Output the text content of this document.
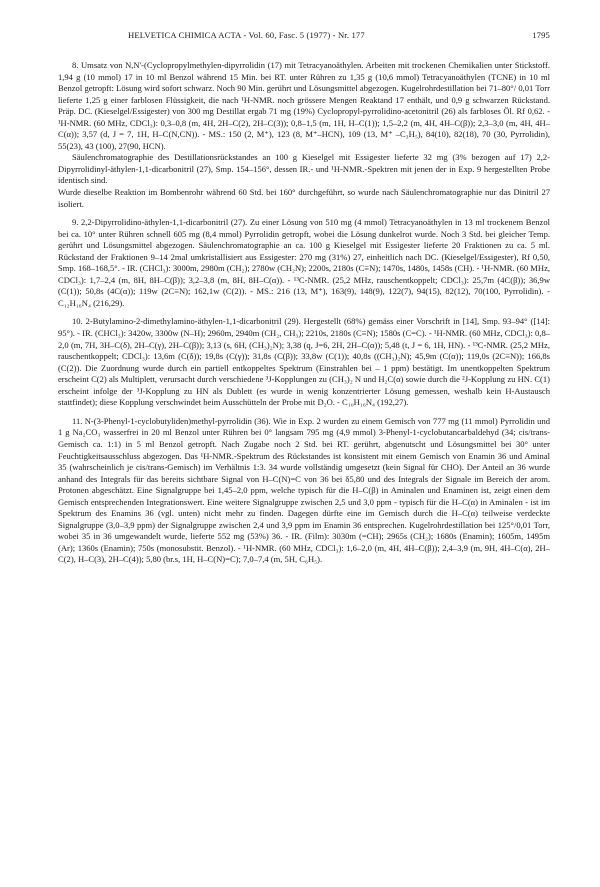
HELVETICA CHIMICA ACTA - Vol. 60, Fasc. 5 (1977) - Nr. 177	1795

8. Umsatz von N,N'-(Cyclopropylmethylen-dipyrrolidin (17) mit Tetracyanoäthylen. Arbeiten mit trockenen Chemikalien unter Stickstoff. 1,94 g (10 mmol) 17 in 10 ml Benzol während 15 Min. bei RT. unter Rühren zu 1,35 g (10,6 mmol) Tetracyanoäthylen (TCNE) in 10 ml Benzol getropft: Lösung wird sofort schwarz. Noch 90 Min. gerührt und Lösungsmittel abgezogen. Kugelrohrdestillation bei 71–80°/ 0,01 Torr lieferte 1,25 g einer farblosen Flüssigkeit, die nach ¹H-NMR. noch grössere Mengen Reaktand 17 enthält, und 0,9 g schwarzen Rückstand. Präp. DC. (Kieselgel/Essigester) von 300 mg Destillat ergab 71 mg (19%) Cyclopropyl-pyrrolidino-acetonitril (26) als farbloses Öl. Rf 0,62. - ¹H-NMR. (60 MHz, CDCl₃): 0,3–0,8 (m, 4H, 2H–C(2), 2H–C(3)); 0,8–1,5 (m, 1H, H–C(1)); 1,5–2,2 (m, 4H, 4H–C(β)); 2,3–3,0 (m, 4H, 4H–C(α)); 3,57 (d, J = 7, 1H, H–C(N,CN)). - MS.: 150 (2, M⁺), 123 (8, M⁺–HCN), 109 (13, M⁺ –C₃H₅), 84(10), 82(18), 70 (30, Pyrrolidin), 55(23), 43 (100), 27(90, HCN).

Säulenchromatographie des Destillationsrückstandes an 100 g Kieselgel mit Essigester lieferte 32 mg (3% bezogen auf 17) 2,2-Dipyrrolidinyl-äthylen-1,1-dicarbonitril (27), Smp. 154–156°, dessen IR.- und ¹H-NMR.-Spektren mit jenen der in Exp. 9 hergestellten Probe identisch sind.

Wurde dieselbe Reaktion im Bombenrohr während 60 Std. bei 160° durchgeführt, so wurde nach Säulenchromatographie nur das Dinitril 27 isoliert.

9. 2,2-Dipyrrolidino-äthylen-1,1-dicarbonitril (27). Zu einer Lösung von 510 mg (4 mmol) Tetracyanoäthylen in 13 ml trockenem Benzol bei ca. 10° unter Rühren schnell 605 mg (8,4 mmol) Pyrrolidin getropft, wobei die Lösung dunkelrot wurde. Noch 3 Std. bei gleicher Temp. gerührt und Lösungsmittel abgezogen. Säulenchromatographie an ca. 100 g Kieselgel mit Essigester lieferte 20 Fraktionen zu ca. 5 ml. Rückstand der Fraktionen 9–14 2mal umkristallisiert aus Essigester: 270 mg (31%) 27, einheitlich nach DC. (Kieselgel/Essigester), Rf 0,50, Smp. 168–168,5°. - IR. (CHCl₃): 3000m, 2980m (CH₂); 2780w (CH₂N); 2200s, 2180s (C≡N); 1470s, 1480s, 1458s (CH). - ¹H-NMR. (60 MHz, CDCl₃): 1,7–2,4 (m, 8H, 8H–C(β)); 3,2–3,8 (m, 8H, 8H–C(α)). - ¹³C-NMR. (25,2 MHz, rauschentkoppelt; CDCl₃): 25,7m (4C(β)); 36,9w (C(1)); 50,8s (4C(α)); 119w (2C≡N); 162,1w (C(2)). - MS.: 216 (13, M⁺), 163(9), 148(9), 122(7), 94(15), 82(12), 70(100, Pyrrolidin). - C₁₂H₁₆N₄ (216,29).

10. 2-Butylamino-2-dimethylamino-äthylen-1,1-dicarbonitril (29). Hergestellt (68%) gemäss einer Vorschrift in [14], Smp. 93–94° ([14]: 95°). - IR. (CHCl₃): 3420w, 3300w (N–H); 2960m, 2940m (CH₂, CH₃); 2210s, 2180s (C≡N); 1580s (C=C). - ¹H-NMR. (60 MHz, CDCl₃): 0,8–2,0 (m, 7H, 3H–C(δ), 2H–C(γ), 2H–C(β)); 3,13 (s, 6H, (CH₃)₂N); 3,38 (q, J=6, 2H, 2H–C(α)); 5,48 (t, J = 6, 1H, HN). - ¹³C-NMR. (25,2 MHz, rauschentkoppelt; CDCl₃): 13,6m (C(δ)); 19,8s (C(γ)); 31,8s (C(β)); 33,8w (C(1)); 40,8s ((CH₃)₂N); 45,9m (C(α)); 119,0s (2C≡N)); 166,8s (C(2)). Die Zuordnung wurde durch ein partiell entkoppeltes Spektrum (Einstrahlen bei – 1 ppm) bestätigt. Im unentkoppelten Spektrum erscheint C(2) als Multiplett, verursacht durch verschiedene ³J-Kopplungen zu (CH₃)₂ N und H₂C(α) sowie durch die ²J-Kopplung zu HN. C(1) erscheint infolge der ³J-Kopplung zu HN als Dublett (es wurde in wenig konzentrierter Lösung gemessen, weshalb kein H-Austausch stattfindet); diese Kopplung verschwindet beim Ausschütteln der Probe mit D₂O. - C₁₀H₁₆N₄ (192,27).

11. N-(3-Phenyl-1-cyclobutyliden)methyl-pyrrolidin (36). Wie in Exp. 2 wurden zu einem Gemisch von 777 mg (11 mmol) Pyrrolidin und 1 g Na₂CO₃ wasserfrei in 20 ml Benzol unter Rühren bei 0° langsam 795 mg (4,9 mmol) 3-Phenyl-1-cyclobutancarbaldehyd (34; cis/trans-Gemisch ca. 1:1) in 5 ml Benzol getropft. Nach Zugabe noch 2 Std. bei RT. gerührt, abgenutscht und Lösungsmittel bei 30° unter Feuchtigkeitsausschluss abgezogen. Das ¹H-NMR.-Spektrum des Rückstandes ist konsistent mit einem Gemisch von Enamin 36 und Aminal 35 (wahrscheinlich je cis/trans-Gemisch) im Verhältnis 1:3. 34 wurde vollständig umgesetzt (kein Signal für CHO). Der Anteil an 36 wurde anhand des Integrals für das bereits sichtbare Signal von H–C(N)=C von 36 bei δ5,80 und des Integrals der Signale im Bereich der arom. Protonen abgeschätzt. Eine Signalgruppe bei 1,45–2,0 ppm, welche typisch für die H–C(β) in Aminalen und Enaminen ist, zeigt einen dem Gemisch entsprechenden Integrationswert. Eine weitere Signalgruppe zwischen 2,5 und 3,0 ppm - typisch für die H–C(α) in Aminalen - ist im Spektrum des Enamins 36 (vgl. unten) nicht mehr zu finden. Dagegen dürfte eine im Gemisch durch die H–C(α) teilweise verdeckte Signalgruppe (3,0–3,9 ppm) der Signalgruppe zwischen 2,4 und 3,9 ppm im Enamin 36 entsprechen. Kugelrohrdestillation bei 125°/0,01 Torr, wobei 35 in 36 umgewandelt wurde, lieferte 552 mg (53%) 36. - IR. (Film): 3030m (=CH); 2965s (CH₂); 1680s (Enamin); 1605m, 1495m (Ar); 1360s (Enamin); 750s (monosubstit. Benzol). - ¹H-NMR. (60 MHz, CDCl₃): 1,6–2,0 (m, 4H, 4H–C(β)); 2,4–3,9 (m, 9H, 4H–C(α), 2H–C(2), H–C(3), 2H–C(4)); 5,80 (br.s, 1H, H–C(N)=C); 7,0–7,4 (m, 5H, C₆H₅).
